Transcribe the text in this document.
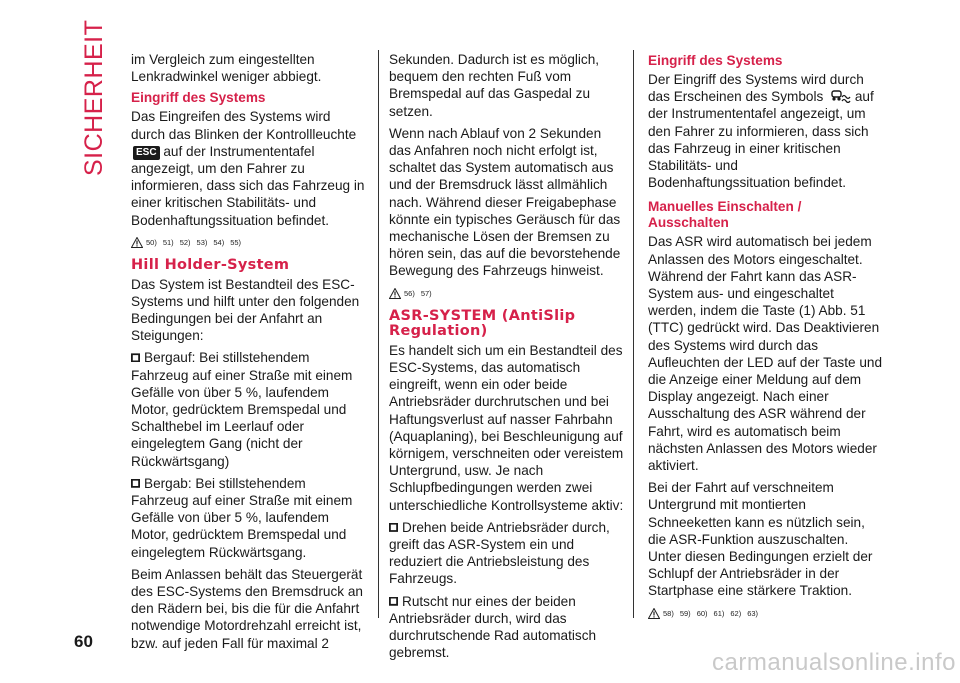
SICHERHEIT im Vergleich zum eingestellten Lenkradwinkel weniger abbiegt.

Eingriff des Systems

Das Eingreifen des Systems wird durch das Blinken der Kontrollleuchte ESC auf der Instrumententafel angezeigt, um den Fahrer zu informieren, dass sich das Fahrzeug in einer kritischen Stabilitäts- und Bodenhaftungssituation befindet.

50) 51) 52) 53) 54) 55)
Hill Holder-System

Das System ist Bestandteil des ESC-Systems und hilft unter den folgenden Bedingungen bei der Anfahrt an Steigungen:

Bergauf: Bei stillstehendem Fahrzeug auf einer Straße mit einem Gefälle von über 5 %, laufendem Motor, gedrücktem Bremspedal und Schalthebel im Leerlauf oder eingelegtem Gang (nicht der Rückwärtsgang)

Bergab: Bei stillstehendem Fahrzeug auf einer Straße mit einem Gefälle von über 5 %, laufendem Motor, gedrücktem Bremspedal und eingelegtem Rückwärtsgang.

Beim Anlassen behält das Steuergerät des ESC-Systems den Bremsdruck an den Rädern bei, bis die für die Anfahrt notwendige Motordrehzahl erreicht ist, bzw. auf jeden Fall für maximal 2

Sekunden. Dadurch ist es möglich, bequem den rechten Fuß vom Bremspedal auf das Gaspedal zu setzen.

Wenn nach Ablauf von 2 Sekunden das Anfahren noch nicht erfolgt ist, schaltet das System automatisch aus und der Bremsdruck lässt allmählich nach. Während dieser Freigabephase könnte ein typisches Geräusch für das mechanische Lösen der Bremsen zu hören sein, das auf die bevorstehende Bewegung des Fahrzeugs hinweist.

56) 57)
ASR-SYSTEM (AntiSlip Regulation)

Es handelt sich um ein Bestandteil des ESC-Systems, das automatisch eingreift, wenn ein oder beide Antriebsräder durchrutschen und bei Haftungsverlust auf nasser Fahrbahn (Aquaplaning), bei Beschleunigung auf körnigem, verschneiten oder vereistem Untergrund, usw. Je nach Schlupfbedingungen werden zwei unterschiedliche Kontrollsysteme aktiv:

Drehen beide Antriebsräder durch, greift das ASR-System ein und reduziert die Antriebsleistung des Fahrzeugs.

Rutscht nur eines der beiden Antriebsräder durch, wird das durchrutschende Rad automatisch gebremst.

Eingriff des Systems

Der Eingriff des Systems wird durch das Erscheinen des Symbols auf der Instrumententafel angezeigt, um den Fahrer zu informieren, dass sich das Fahrzeug in einer kritischen Stabilitäts- und Bodenhaftungssituation befindet.

Manuelles Einschalten / Ausschalten

Das ASR wird automatisch bei jedem Anlassen des Motors eingeschaltet. Während der Fahrt kann das ASR-System aus- und eingeschaltet werden, indem die Taste (1) Abb. 51 (TTC) gedrückt wird. Das Deaktivieren des Systems wird durch das Aufleuchten der LED auf der Taste und die Anzeige einer Meldung auf dem Display angezeigt. Nach einer Ausschaltung des ASR während der Fahrt, wird es automatisch beim nächsten Anlassen des Motors wieder aktiviert.

Bei der Fahrt auf verschneitem Untergrund mit montierten Schneeketten kann es nützlich sein, die ASR-Funktion auszuschalten. Unter diesen Bedingungen erzielt der Schlupf der Antriebsräder in der Startphase eine stärkere Traktion.

58) 59) 60) 61) 62) 63)
60
carmanualsonline.info
